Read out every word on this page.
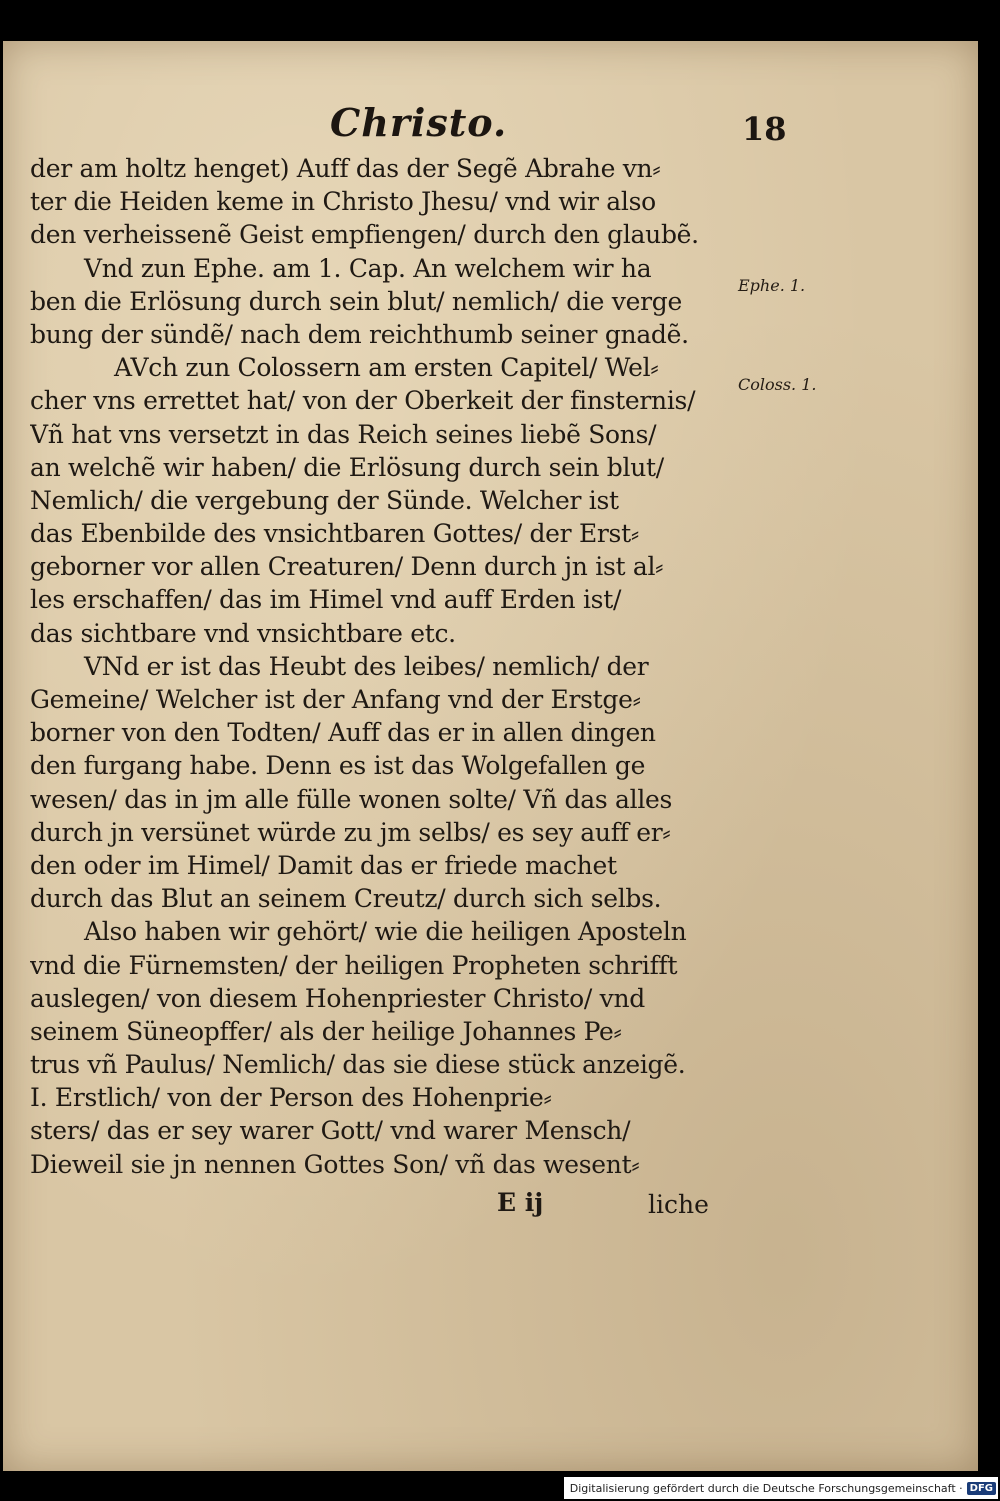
Christo.	18
der am holtz henget) Auff das der Segẽ Abrahe vn⸗
ter die Heiden keme in Christo Jhesu/ vnd wir also
den verheissenẽ Geist empfiengen/ durch den glaubẽ.
Vnd zun Ephe. am 1. Cap. An welchem wir ha
ben die Erlösung durch sein blut/ nemlich/ die verge
bung der sündẽ/ nach dem reichthumb seiner gnadẽ.
AVch zun Colossern am ersten Capitel/ Wel⸗
cher vns errettet hat/ von der Oberkeit der finsternis/
Vñ hat vns versetzt in das Reich seines liebẽ Sons/
an welchẽ wir haben/ die Erlösung durch sein blut/
Nemlich/ die vergebung der Sünde. Welcher ist
das Ebenbilde des vnsichtbaren Gottes/ der Erst⸗
geborner vor allen Creaturen/ Denn durch jn ist al⸗
les erschaffen/ das im Himel vnd auff Erden ist/
das sichtbare vnd vnsichtbare etc.
VNd er ist das Heubt des leibes/ nemlich/ der
Gemeine/ Welcher ist der Anfang vnd der Erstge⸗
borner von den Todten/ Auff das er in allen dingen
den furgang habe. Denn es ist das Wolgefallen ge
wesen/ das in jm alle fülle wonen solte/ Vñ das alles
durch jn versünet würde zu jm selbs/ es sey auff er⸗
den oder im Himel/ Damit das er friede machet
durch das Blut an seinem Creutz/ durch sich selbs.
Also haben wir gehört/ wie die heiligen Aposteln
vnd die Fürnemsten/ der heiligen Propheten schrifft
auslegen/ von diesem Hohenpriester Christo/ vnd
seinem Süneopffer/ als der heilige Johannes Pe⸗
trus vñ Paulus/ Nemlich/ das sie diese stück anzeigẽ.
I. Erstlich/ von der Person des Hohenprie⸗
sters/ das er sey warer Gott/ vnd warer Mensch/
Dieweil sie jn nennen Gottes Son/ vñ das wesent⸗
Ephe. 1.
Coloss. 1.
E ij	liche
Digitalisierung gefördert durch die Deutsche Forschungsgemeinschaft · DFG
